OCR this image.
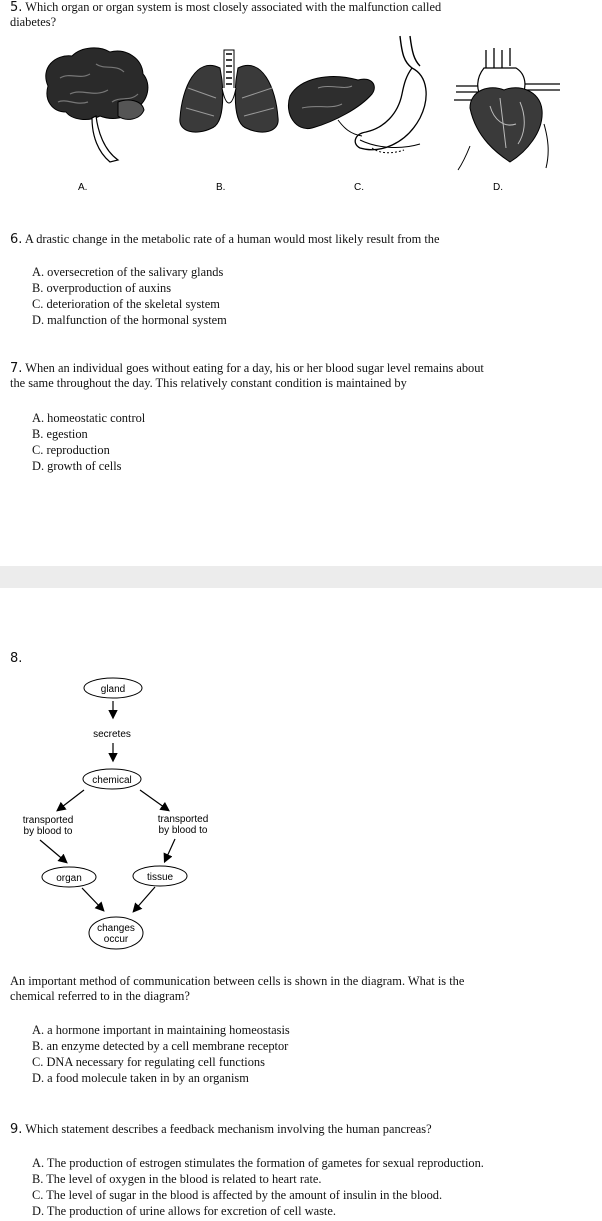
5. Which organ or organ system is most closely associated with the malfunction called
diabetes?
A.	B.	C.	D.
6. A drastic change in the metabolic rate of a human would most likely result from the
A. oversecretion of the salivary glands
B. overproduction of auxins
C. deterioration of the skeletal system
D. malfunction of the hormonal system
7. When an individual goes without eating for a day, his or her blood sugar level remains about
the same throughout the day. This relatively constant condition is maintained by
A. homeostatic control
B. egestion
C. reproduction
D. growth of cells
8.
gland
secretes
chemical
transported
by blood to
transported
by blood to
organ	tissue
changes
occur
An important method of communication between cells is shown in the diagram. What is the
chemical referred to in the diagram?
A. a hormone important in maintaining homeostasis
B. an enzyme detected by a cell membrane receptor
C. DNA necessary for regulating cell functions
D. a food molecule taken in by an organism
9. Which statement describes a feedback mechanism involving the human pancreas?
A. The production of estrogen stimulates the formation of gametes for sexual reproduction.
B. The level of oxygen in the blood is related to heart rate.
C. The level of sugar in the blood is affected by the amount of insulin in the blood.
D. The production of urine allows for excretion of cell waste.
